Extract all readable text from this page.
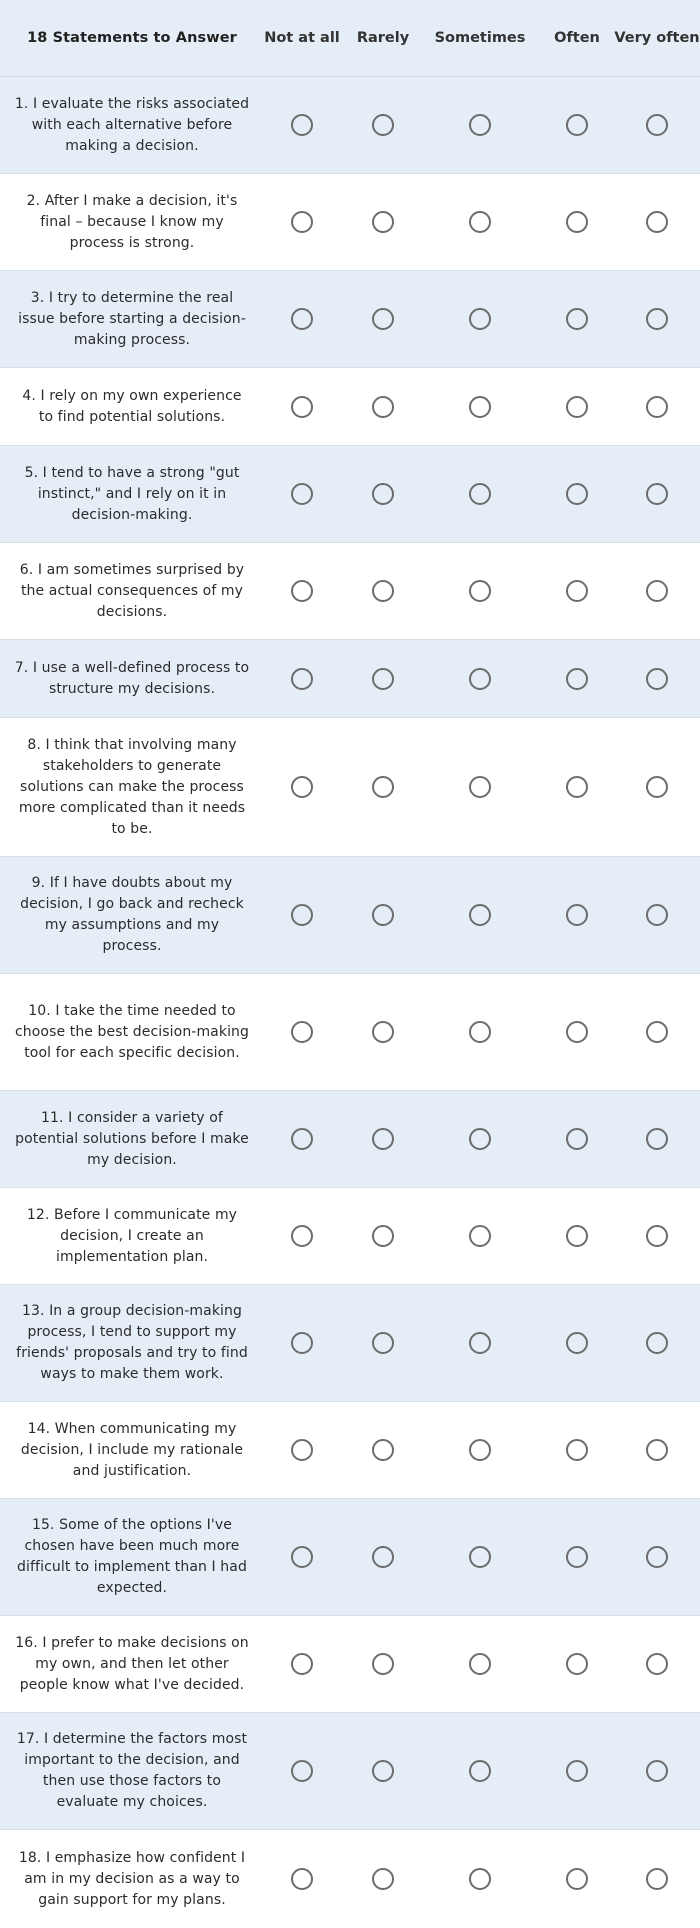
18 Statements to Answer	Not at all	Rarely	Sometimes	Often	Very often
1. I evaluate the risks associated with each alternative before making a decision.
2. After I make a decision, it's final – because I know my process is strong.
3. I try to determine the real issue before starting a decision-making process.
4. I rely on my own experience to find potential solutions.
5. I tend to have a strong "gut instinct," and I rely on it in decision-making.
6. I am sometimes surprised by the actual consequences of my decisions.
7. I use a well-defined process to structure my decisions.
8. I think that involving many stakeholders to generate solutions can make the process more complicated than it needs to be.
9. If I have doubts about my decision, I go back and recheck my assumptions and my process.
10. I take the time needed to choose the best decision-making tool for each specific decision.
11. I consider a variety of potential solutions before I make my decision.
12. Before I communicate my decision, I create an implementation plan.
13. In a group decision-making process, I tend to support my friends' proposals and try to find ways to make them work.
14. When communicating my decision, I include my rationale and justification.
15. Some of the options I've chosen have been much more difficult to implement than I had expected.
16. I prefer to make decisions on my own, and then let other people know what I've decided.
17. I determine the factors most important to the decision, and then use those factors to evaluate my choices.
18. I emphasize how confident I am in my decision as a way to gain support for my plans.
